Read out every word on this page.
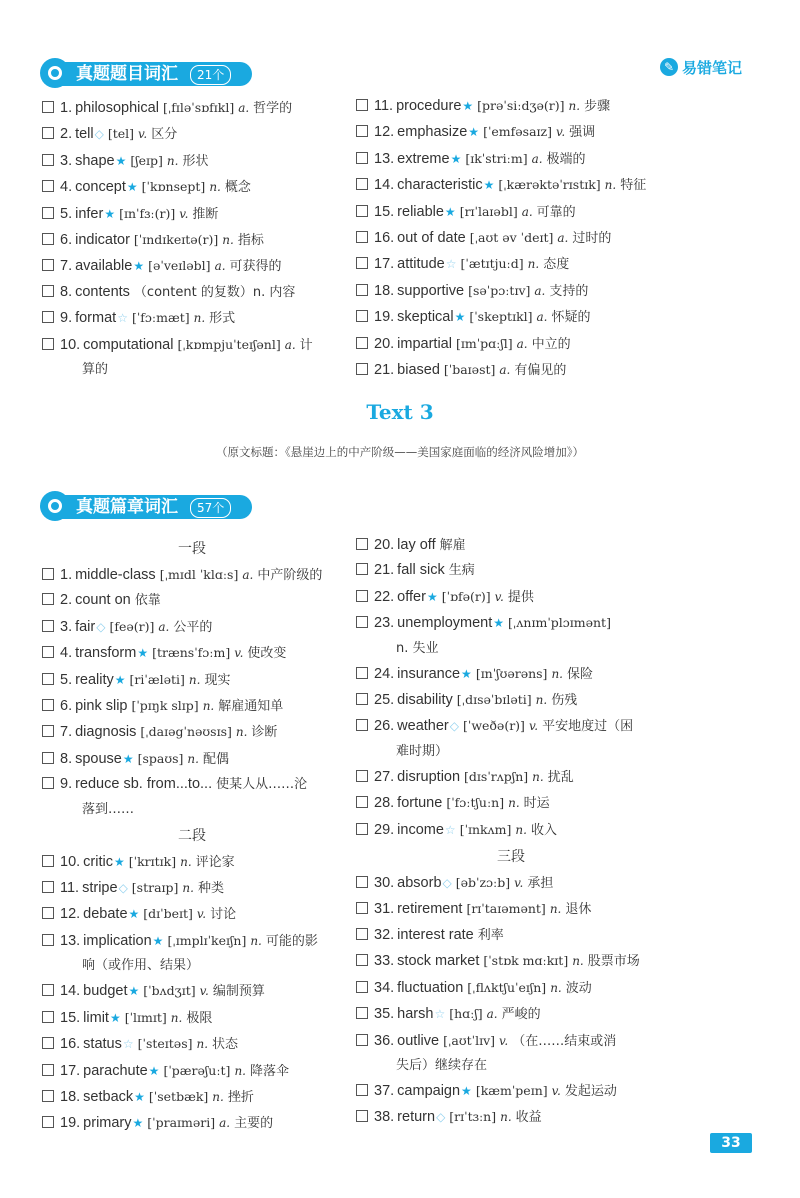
真题题目词汇	21个
✎ 易错笔记
1. philosophical [ˌfɪləˈsɒfɪkl] a. 哲学的
2. tell◇ [tel] v. 区分
3. shape★ [ʃeɪp] n. 形状
4. concept★ [ˈkɒnsept] n. 概念
5. infer★ [ɪnˈfɜː(r)] v. 推断
6. indicator [ˈɪndɪkeɪtə(r)] n. 指标
7. available★ [əˈveɪləbl] a. 可获得的
8. contents （content 的复数）n. 内容
9. format☆ [ˈfɔːmæt] n. 形式
10. computational [ˌkɒmpjuˈteɪʃənl] a. 计
算的
11. procedure★ [prəˈsiːdʒə(r)] n. 步骤
12. emphasize★ [ˈemfəsaɪz] v. 强调
13. extreme★ [ɪkˈstriːm] a. 极端的
14. characteristic★ [ˌkærəktəˈrɪstɪk] n. 特征
15. reliable★ [rɪˈlaɪəbl] a. 可靠的
16. out of date [ˌaʊt əv ˈdeɪt] a. 过时的
17. attitude☆ [ˈætɪtjuːd] n. 态度
18. supportive [səˈpɔːtɪv] a. 支持的
19. skeptical★ [ˈskeptɪkl] a. 怀疑的
20. impartial [ɪmˈpɑːʃl] a. 中立的
21. biased [ˈbaɪəst] a. 有偏见的
Text 3
（原文标题：《悬崖边上的中产阶级——美国家庭面临的经济风险增加》）
真题篇章词汇	57个
一段
1. middle-class [ˌmɪdl ˈklɑːs] a. 中产阶级的
2. count on 依靠
3. fair◇ [feə(r)] a. 公平的
4. transform★ [trænsˈfɔːm] v. 使改变
5. reality★ [riˈæləti] n. 现实
6. pink slip [ˈpɪŋk slɪp] n. 解雇通知单
7. diagnosis [ˌdaɪəgˈnəʊsɪs] n. 诊断
8. spouse★ [spaʊs] n. 配偶
9. reduce sb. from...to... 使某人从……沦
落到……
二段
10. critic★ [ˈkrɪtɪk] n. 评论家
11. stripe◇ [straɪp] n. 种类
12. debate★ [dɪˈbeɪt] v. 讨论
13. implication★ [ˌɪmplɪˈkeɪʃn] n. 可能的影
响（或作用、结果）
14. budget★ [ˈbʌdʒɪt] v. 编制预算
15. limit★ [ˈlɪmɪt] n. 极限
16. status☆ [ˈsteɪtəs] n. 状态
17. parachute★ [ˈpærəʃuːt] n. 降落伞
18. setback★ [ˈsetbæk] n. 挫折
19. primary★ [ˈpraɪməri] a. 主要的
20. lay off 解雇
21. fall sick 生病
22. offer★ [ˈɒfə(r)] v. 提供
23. unemployment★ [ˌʌnɪmˈplɔɪmənt]
n. 失业
24. insurance★ [ɪnˈʃʊərəns] n. 保险
25. disability [ˌdɪsəˈbɪləti] n. 伤残
26. weather◇ [ˈweðə(r)] v. 平安地度过（困
难时期）
27. disruption [dɪsˈrʌpʃn] n. 扰乱
28. fortune [ˈfɔːtʃuːn] n. 时运
29. income☆ [ˈɪnkʌm] n. 收入
三段
30. absorb◇ [əbˈzɔːb] v. 承担
31. retirement [rɪˈtaɪəmənt] n. 退休
32. interest rate 利率
33. stock market [ˈstɒk mɑːkɪt] n. 股票市场
34. fluctuation [ˌflʌktʃuˈeɪʃn] n. 波动
35. harsh☆ [hɑːʃ] a. 严峻的
36. outlive [ˌaʊtˈlɪv] v. （在……结束或消
失后）继续存在
37. campaign★ [kæmˈpeɪn] v. 发起运动
38. return◇ [rɪˈtɜːn] n. 收益
33
